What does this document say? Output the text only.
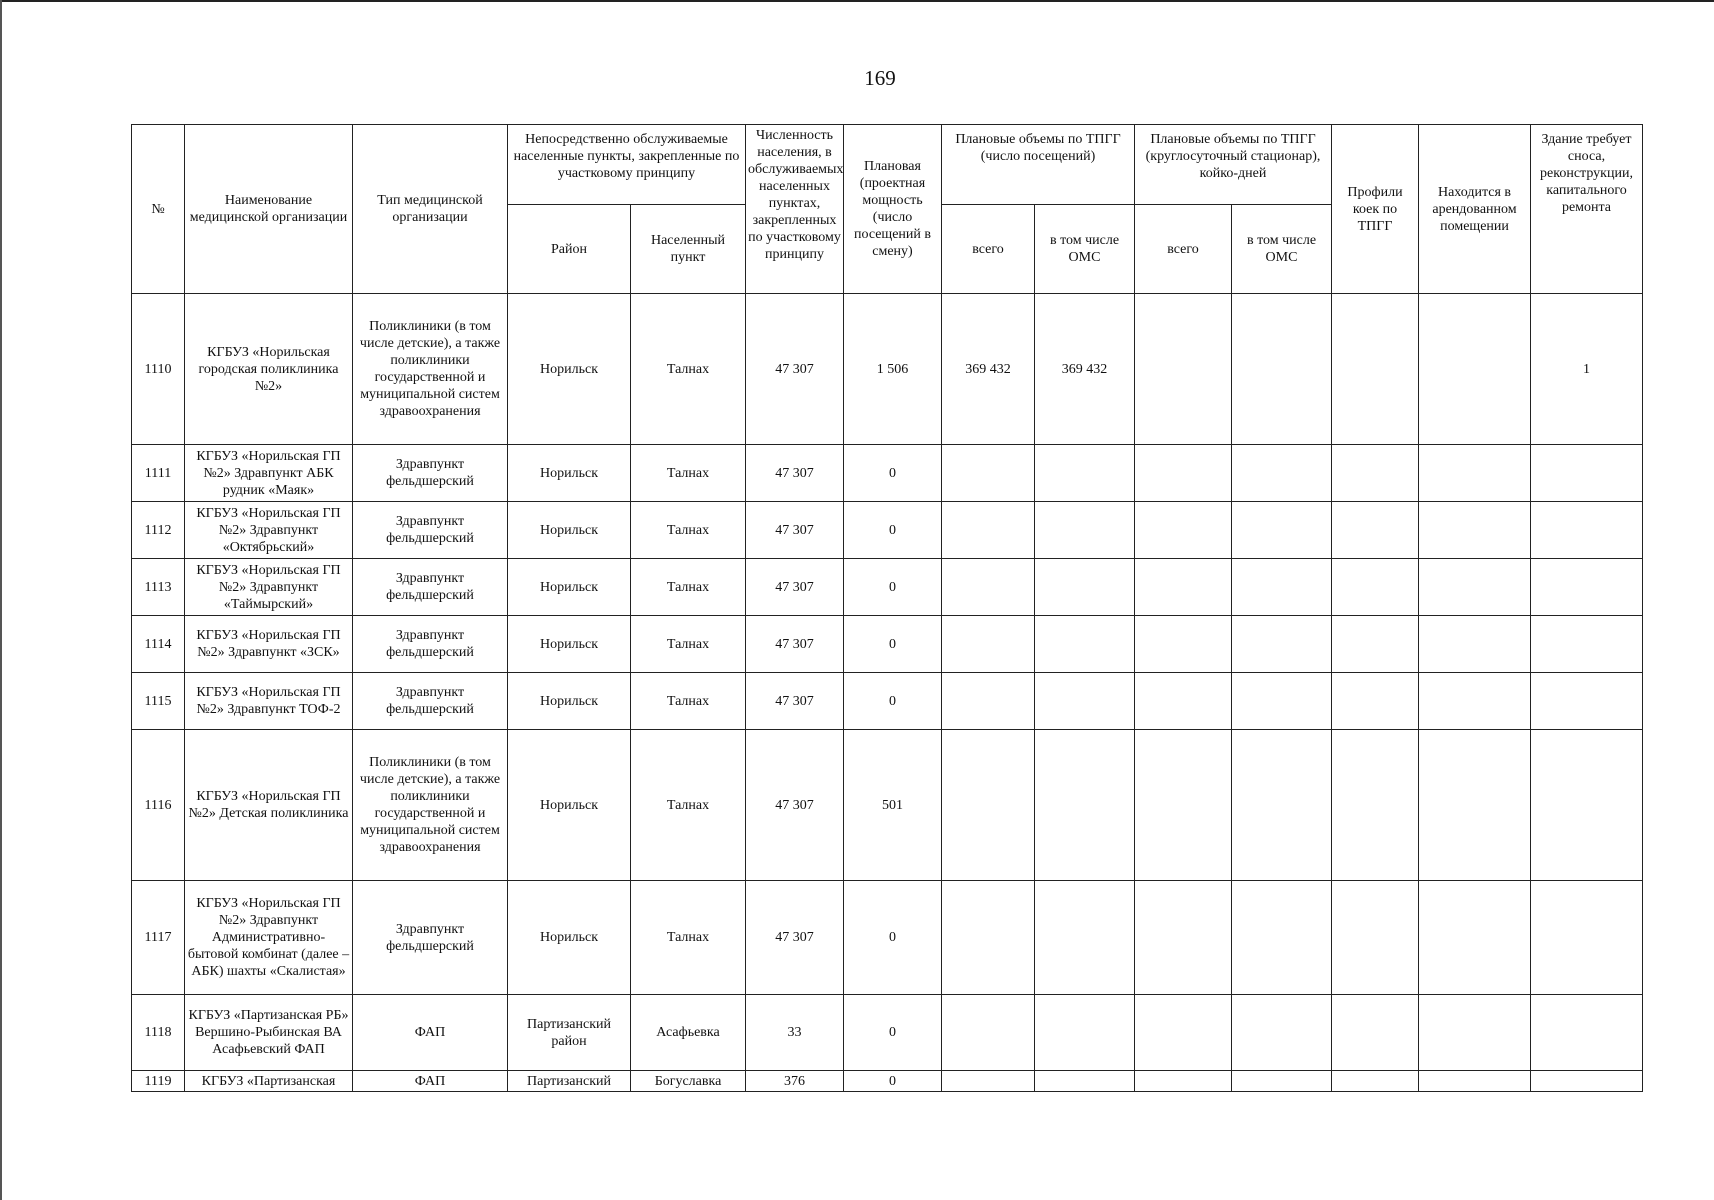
169
№	Наименование медицинской организации	Тип медицинской организации	Непосредственно обслуживаемые населенные пункты, закрепленные по участковому принципу		Численность населения, в обслуживаемых населенных пунктах, закрепленных по участковому принципу	Плановая (проектная мощность (число посещений в смену)	Плановые объемы по ТПГГ (число посещений)		Плановые объемы по ТПГГ (круглосуточный стационар), койко-дней		Профили коек по ТПГГ	Находится в арендованном помещении	Здание требует сноса, реконструкции, капитального ремонта
			Район	Населенный пункт			всего	в том числе ОМС	всего	в том числе ОМС			
1110	КГБУЗ «Норильская городская поликлиника №2»	Поликлиники (в том числе детские), а также поликлиники государственной и муниципальной систем здравоохранения	Норильск	Талнах	47 307	1 506	369 432	369 432					1
1111	КГБУЗ «Норильская ГП №2» Здравпункт АБК рудник «Маяк»	Здравпункт фельдшерский	Норильск	Талнах	47 307	0							
1112	КГБУЗ «Норильская ГП №2» Здравпункт «Октябрьский»	Здравпункт фельдшерский	Норильск	Талнах	47 307	0							
1113	КГБУЗ «Норильская ГП №2» Здравпункт «Таймырский»	Здравпункт фельдшерский	Норильск	Талнах	47 307	0							
1114	КГБУЗ «Норильская ГП №2» Здравпункт «ЗСК»	Здравпункт фельдшерский	Норильск	Талнах	47 307	0							
1115	КГБУЗ «Норильская ГП №2» Здравпункт ТОФ-2	Здравпункт фельдшерский	Норильск	Талнах	47 307	0							
1116	КГБУЗ «Норильская ГП №2» Детская поликлиника	Поликлиники (в том числе детские), а также поликлиники государственной и муниципальной систем здравоохранения	Норильск	Талнах	47 307	501							
1117	КГБУЗ «Норильская ГП №2» Здравпункт Административно-бытовой комбинат (далее – АБК) шахты «Скалистая»	Здравпункт фельдшерский	Норильск	Талнах	47 307	0							
1118	КГБУЗ «Партизанская РБ» Вершино-Рыбинская ВА Асафьевский ФАП	ФАП	Партизанский район	Асафьевка	33	0							
1119	КГБУЗ «Партизанская	ФАП	Партизанский	Богуславка	376	0							
